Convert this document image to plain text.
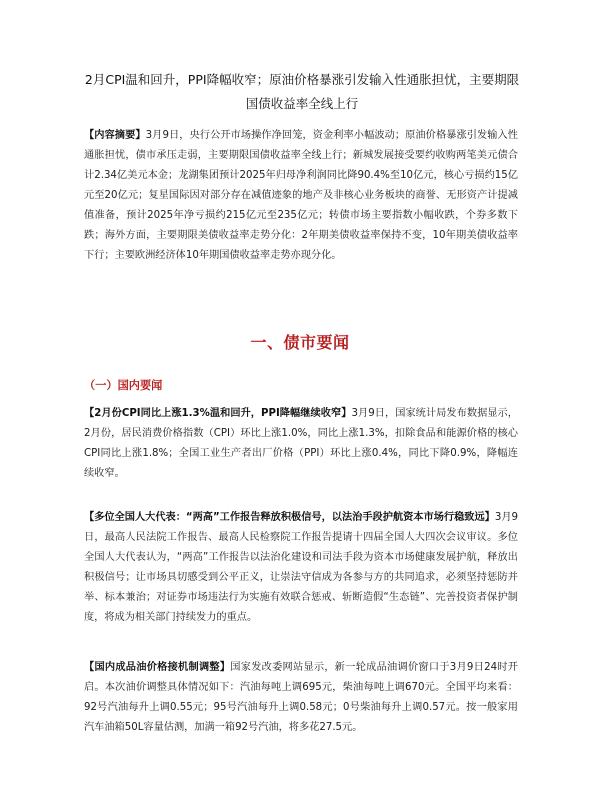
2月CPI温和回升，PPI降幅收窄；原油价格暴涨引发输入性通胀担忧，主要期限国债收益率全线上行
【内容摘要】3月9日，央行公开市场操作净回笼，资金利率小幅波动；原油价格暴涨引发输入性通胀担忧，债市承压走弱，主要期限国债收益率全线上行；新城发展接受要约收购两笔美元债合计2.34亿美元本金；龙湖集团预计2025年归母净利润同比降90.4%至10亿元，核心亏损约15亿元至20亿元；复星国际因对部分存在减值迹象的地产及非核心业务板块的商誉、无形资产计提减值准备，预计2025年净亏损约215亿元至235亿元；转债市场主要指数小幅收跌，个券多数下跌；海外方面，主要期限美债收益率走势分化：2年期美债收益率保持不变，10年期美债收益率下行；主要欧洲经济体10年期国债收益率走势亦现分化。
一、债市要闻
（一）国内要闻
【2月份CPI同比上涨1.3%温和回升，PPI降幅继续收窄】3月9日，国家统计局发布数据显示，2月份，居民消费价格指数（CPI）环比上涨1.0%，同比上涨1.3%，扣除食品和能源价格的核心CPI同比上涨1.8%；全国工业生产者出厂价格（PPI）环比上涨0.4%，同比下降0.9%，降幅连续收窄。
【多位全国人大代表：“两高”工作报告释放积极信号，以法治手段护航资本市场行稳致远】3月9日，最高人民法院工作报告、最高人民检察院工作报告提请十四届全国人大四次会议审议。多位全国人大代表认为，“两高”工作报告以法治化建设和司法手段为资本市场健康发展护航，释放出积极信号；让市场具切感受到公平正义，让崇法守信成为各参与方的共同追求，必须坚持惩防并举、标本兼治；对证券市场违法行为实施有效联合惩戒、斩断造假“生态链”、完善投资者保护制度，将成为相关部门持续发力的重点。
【国内成品油价格接机制调整】国家发改委网站显示，新一轮成品油调价窗口于3月9日24时开启。本次油价调整具体情况如下：汽油每吨上调695元，柴油每吨上调670元。全国平均来看：92号汽油每升上调0.55元；95号汽油每升上调0.58元；0号柴油每升上调0.57元。按一般家用汽车油箱50L容量估测，加满一箱92号汽油，将多花27.5元。
